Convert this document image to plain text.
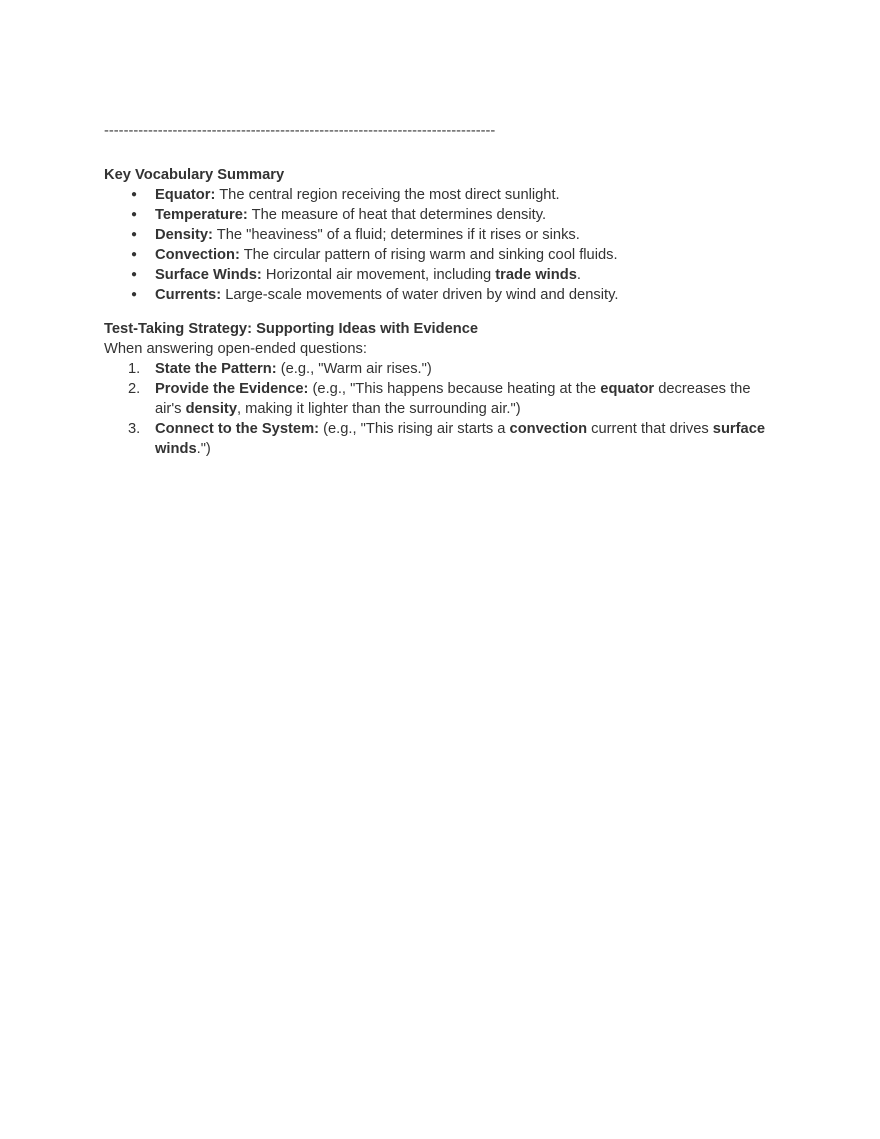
--------------------------------------------------------------------------------
Key Vocabulary Summary
● Equator: The central region receiving the most direct sunlight.
● Temperature: The measure of heat that determines density.
● Density: The "heaviness" of a fluid; determines if it rises or sinks.
● Convection: The circular pattern of rising warm and sinking cool fluids.
● Surface Winds: Horizontal air movement, including trade winds.
● Currents: Large-scale movements of water driven by wind and density.
Test-Taking Strategy: Supporting Ideas with Evidence

When answering open-ended questions:

1. State the Pattern: (e.g., "Warm air rises.")
2. Provide the Evidence: (e.g., "This happens because heating at the equator decreases the air's density, making it lighter than the surrounding air.")
3. Connect to the System: (e.g., "This rising air starts a convection current that drives surface winds.")
